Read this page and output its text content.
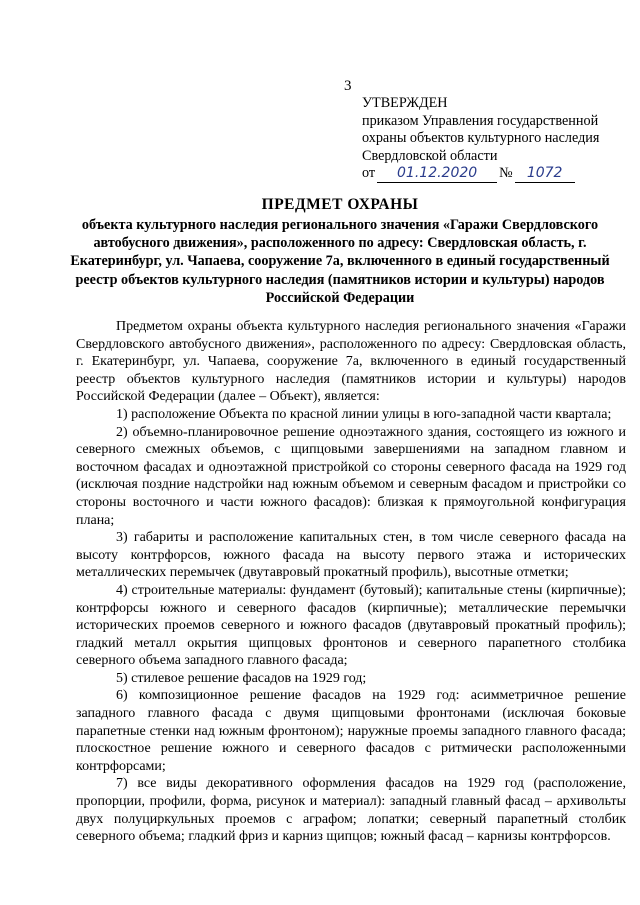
3
УТВЕРЖДЕН
приказом Управления государственной
охраны объектов культурного наследия
Свердловской области
от	01.12.2020	№	1072
ПРЕДМЕТ ОХРАНЫ
объекта культурного наследия регионального значения «Гаражи Свердловского автобусного движения», расположенного по адресу: Свердловская область, г. Екатеринбург, ул. Чапаева, сооружение 7а, включенного в единый государственный реестр объектов культурного наследия (памятников истории и культуры) народов Российской Федерации

Предметом охраны объекта культурного наследия регионального значения «Гаражи Свердловского автобусного движения», расположенного по адресу: Свердловская область, г. Екатеринбург, ул. Чапаева, сооружение 7а, включенного в единый государственный реестр объектов культурного наследия (памятников истории и культуры) народов Российской Федерации (далее – Объект), является:

1) расположение Объекта по красной линии улицы в юго-западной части квартала;

2) объемно-планировочное решение одноэтажного здания, состоящего из южного и северного смежных объемов, с щипцовыми завершениями на западном главном и восточном фасадах и одноэтажной пристройкой со стороны северного фасада на 1929 год (исключая поздние надстройки над южным объемом и северным фасадом и пристройки со стороны восточного и части южного фасадов): близкая к прямоугольной конфигурация плана;

3) габариты и расположение капитальных стен, в том числе северного фасада на высоту контрфорсов, южного фасада на высоту первого этажа и исторических металлических перемычек (двутавровый прокатный профиль), высотные отметки;

4) строительные материалы: фундамент (бутовый); капитальные стены (кирпичные); контрфорсы южного и северного фасадов (кирпичные); металлические перемычки исторических проемов северного и южного фасадов (двутавровый прокатный профиль); гладкий металл окрытия щипцовых фронтонов и северного парапетного столбика северного объема западного главного фасада;

5) стилевое решение фасадов на 1929 год;

6) композиционное решение фасадов на 1929 год: асимметричное решение западного главного фасада с двумя щипцовыми фронтонами (исключая боковые парапетные стенки над южным фронтоном); наружные проемы западного главного фасада; плоскостное решение южного и северного фасадов с ритмически расположенными контрфорсами;

7) все виды декоративного оформления фасадов на 1929 год (расположение, пропорции, профили, форма, рисунок и материал): западный главный фасад – архивольты двух полуциркульных проемов с аграфом; лопатки; северный парапетный столбик северного объема; гладкий фриз и карниз щипцов; южный фасад – карнизы контрфорсов.
